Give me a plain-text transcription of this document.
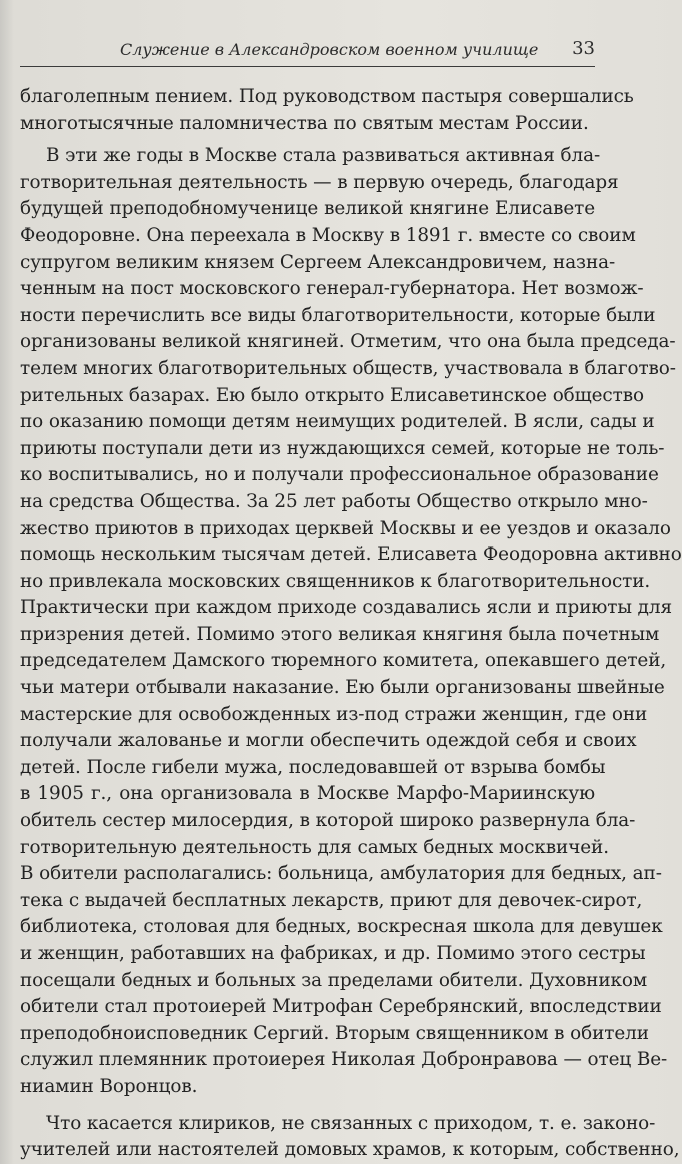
Служение в Александровском военном училище 33
благолепным пением. Под руководством пастыря совершались
многотысячные паломничества по святым местам России.
В эти же годы в Москве стала развиваться активная бла-
готворительная деятельность — в первую очередь, благодаря
будущей преподобномученице великой княгине Елисавете
Феодоровне. Она переехала в Москву в 1891 г. вместе со своим
супругом великим князем Сергеем Александровичем, назна-
ченным на пост московского генерал-губернатора. Нет возмож-
ности перечислить все виды благотворительности, которые были
организованы великой княгиней. Отметим, что она была председа-
телем многих благотворительных обществ, участвовала в благотво-
рительных базарах. Ею было открыто Елисаветинское общество
по оказанию помощи детям неимущих родителей. В ясли, сады и
приюты поступали дети из нуждающихся семей, которые не толь-
ко воспитывались, но и получали профессиональное образование
на средства Общества. За 25 лет работы Общество открыло мно-
жество приютов в приходах церквей Москвы и ее уездов и оказало
помощь нескольким тысячам детей. Елисавета Феодоровна активно
но привлекала московских священников к благотворительности.
Практически при каждом приходе создавались ясли и приюты для
призрения детей. Помимо этого великая княгиня была почетным
председателем Дамского тюремного комитета, опекавшего детей,
чьи матери отбывали наказание. Ею были организованы швейные
мастерские для освобожденных из-под стражи женщин, где они
получали жалованье и могли обеспечить одеждой себя и своих
детей. После гибели мужа, последовавшей от взрыва бомбы
в 1905 г., она организовала в Москве Марфо-Мариинскую
обитель сестер милосердия, в которой широко развернула бла-
готворительную деятельность для самых бедных москвичей.
В обители располагались: больница, амбулатория для бедных, ап-
тека с выдачей бесплатных лекарств, приют для девочек-сирот,
библиотека, столовая для бедных, воскресная школа для девушек
и женщин, работавших на фабриках, и др. Помимо этого сестры
посещали бедных и больных за пределами обители. Духовником
обители стал протоиерей Митрофан Серебрянский, впоследствии
преподобноисповедник Сергий. Вторым священником в обители
служил племянник протоиерея Николая Добронравова — отец Ве-
ниамин Воронцов.
Что касается клириков, не связанных с приходом, т. е. законо-
учителей или настоятелей домовых храмов, к которым, собственно,
